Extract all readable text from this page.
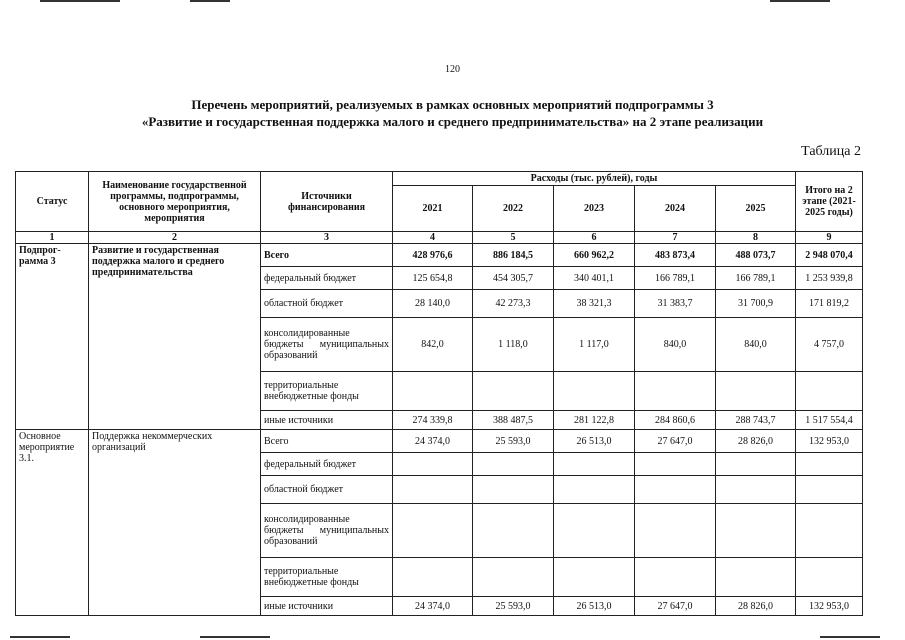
120
Перечень мероприятий, реализуемых в рамках основных мероприятий подпрограммы 3
«Развитие и государственная поддержка малого и среднего предпринимательства» на 2 этапе реализации
Таблица 2
Статус	Наименование государственной программы, подпрограммы, основного мероприятия, мероприятия	Источники финансирования	Расходы (тыс. рублей), годы					Итого на 2 этапе (2021-2025 годы)
			2021	2022	2023	2024	2025	
1	2	3	4	5	6	7	8	9
Подпрог-рамма 3	Развитие и государственная поддержка малого и среднего предпринимательства	Всего	428 976,6	886 184,5	660 962,2	483 873,4	488 073,7	2 948 070,4
		федеральный бюджет	125 654,8	454 305,7	340 401,1	166 789,1	166 789,1	1 253 939,8
		областной бюджет	28 140,0	42 273,3	38 321,3	31 383,7	31 700,9	171 819,2
		консолидированные бюджеты муниципальных образований	842,0	1 118,0	1 117,0	840,0	840,0	4 757,0
		территориальные внебюджетные фонды						
		иные источники	274 339,8	388 487,5	281 122,8	284 860,6	288 743,7	1 517 554,4
Основное мероприятие 3.1.	Поддержка некоммерческих организаций	Всего	24 374,0	25 593,0	26 513,0	27 647,0	28 826,0	132 953,0
		федеральный бюджет						
		областной бюджет						
		консолидированные бюджеты муниципальных образований						
		территориальные внебюджетные фонды						
		иные источники	24 374,0	25 593,0	26 513,0	27 647,0	28 826,0	132 953,0
